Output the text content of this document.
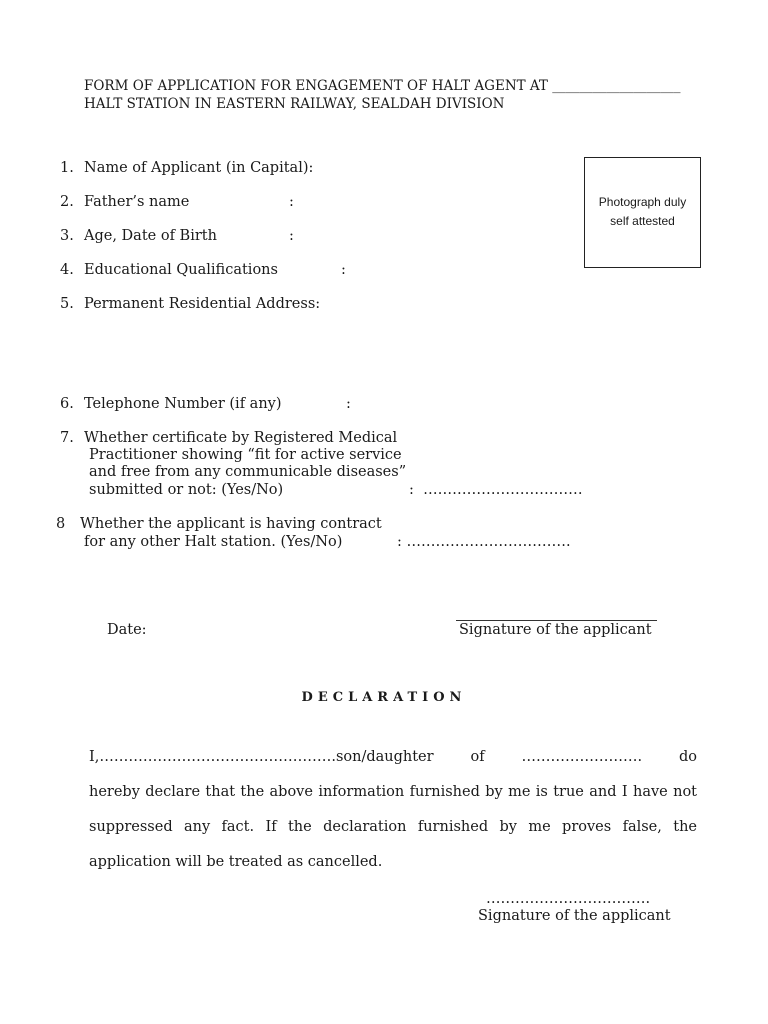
FORM OF APPLICATION FOR ENGAGEMENT OF HALT AGENT AT ___________________
HALT STATION IN EASTERN RAILWAY, SEALDAH DIVISION
Photograph duly
self attested
1. Name of Applicant (in Capital):
2. Father’s name	:
3. Age, Date of Birth	:
4. Educational Qualifications	:
5. Permanent Residential Address:
6. Telephone Number (if any)	:
7. Whether certificate by Registered Medical
Practitioner showing “fit for active service
and free from any communicable diseases”
submitted or not: (Yes/No)	:  ……………………………
8 Whether the applicant is having contract
for any other Halt station. (Yes/No)	: …………………………….
Date:	Signature of the applicant
DECLARATION
I,………………………………………….son/daughter	of	…………………….	do
hereby declare that the above information furnished by me is true and I have not suppressed any fact. If the declaration furnished by me proves false, the application will be treated as cancelled.
…………………………….
Signature of the applicant
